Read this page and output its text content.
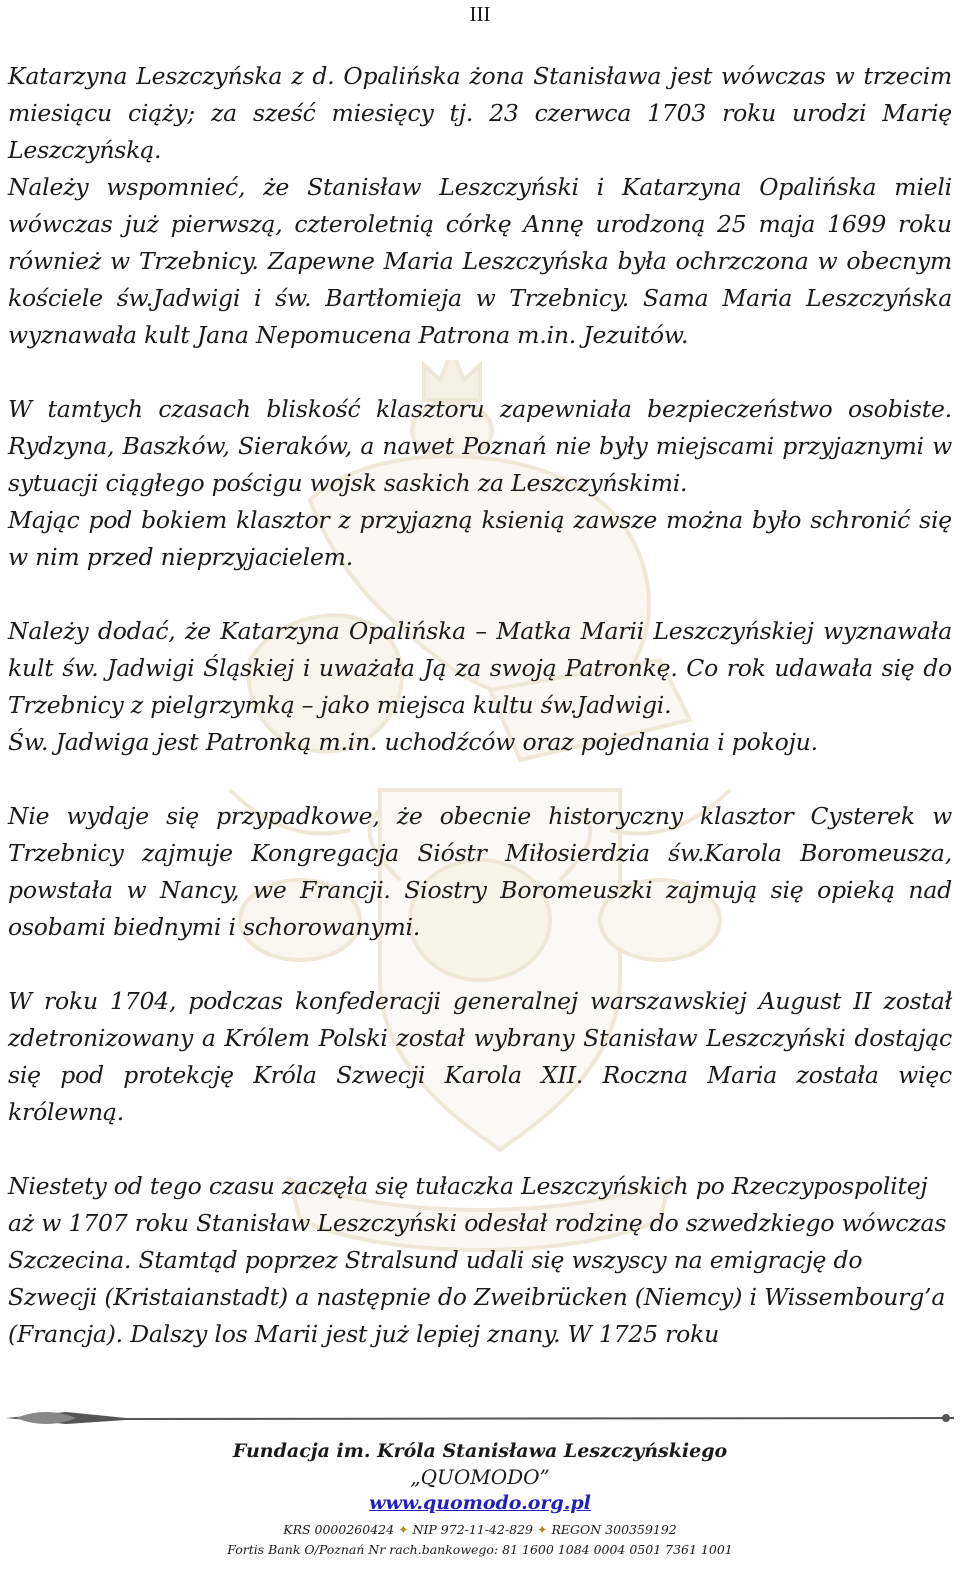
III

Katarzyna Leszczyńska z d. Opalińska żona Stanisława jest wówczas w trzecim miesiącu ciąży; za sześć miesięcy tj. 23 czerwca 1703 roku urodzi Marię Leszczyńską.

Należy wspomnieć, że Stanisław Leszczyński i Katarzyna Opalińska mieli wówczas już pierwszą, czteroletnią córkę Annę urodzoną 25 maja 1699 roku również w Trzebnicy. Zapewne Maria Leszczyńska była ochrzczona w obecnym kościele św.Jadwigi i św. Bartłomieja w Trzebnicy. Sama Maria Leszczyńska wyznawała kult Jana Nepomucena Patrona m.in. Jezuitów.

W tamtych czasach bliskość klasztoru zapewniała bezpieczeństwo osobiste. Rydzyna, Baszków, Sieraków, a nawet Poznań nie były miejscami przyjaznymi w sytuacji ciągłego pościgu wojsk saskich za Leszczyńskimi.

Mając pod bokiem klasztor z przyjazną ksienią zawsze można było schronić się w nim przed nieprzyjacielem.

Należy dodać, że Katarzyna Opalińska – Matka Marii Leszczyńskiej wyznawała kult św. Jadwigi Śląskiej i uważała Ją za swoją Patronkę. Co rok udawała się do Trzebnicy z pielgrzymką – jako miejsca kultu św.Jadwigi.

Św. Jadwiga jest Patronką m.in. uchodźców oraz pojednania i pokoju.

Nie wydaje się przypadkowe, że obecnie historyczny klasztor Cysterek w Trzebnicy zajmuje Kongregacja Sióstr Miłosierdzia św.Karola Boromeusza, powstała w Nancy, we Francji. Siostry Boromeuszki zajmują się opieką nad osobami biednymi i schorowanymi.

W roku 1704, podczas konfederacji generalnej warszawskiej August II został zdetronizowany a Królem Polski został wybrany Stanisław Leszczyński dostając się pod protekcję Króla Szwecji Karola XII. Roczna Maria została więc królewną.

Niestety od tego czasu zaczęła się tułaczka Leszczyńskich po Rzeczypospolitej aż w 1707 roku Stanisław Leszczyński odesłał rodzinę do szwedzkiego wówczas Szczecina. Stamtąd poprzez Stralsund udali się wszyscy na emigrację do Szwecji (Kristaianstadt) a następnie do Zweibrücken (Niemcy) i Wissembourg’a (Francja). Dalszy los Marii jest już lepiej znany. W 1725 roku

Fundacja im. Króla Stanisława Leszczyńskiego
„QUOMODO”
www.quomodo.org.pl
KRS 0000260424 ✦ NIP 972-11-42-829 ✦ REGON 300359192
Fortis Bank O/Poznań Nr rach.bankowego: 81 1600 1084 0004 0501 7361 1001
